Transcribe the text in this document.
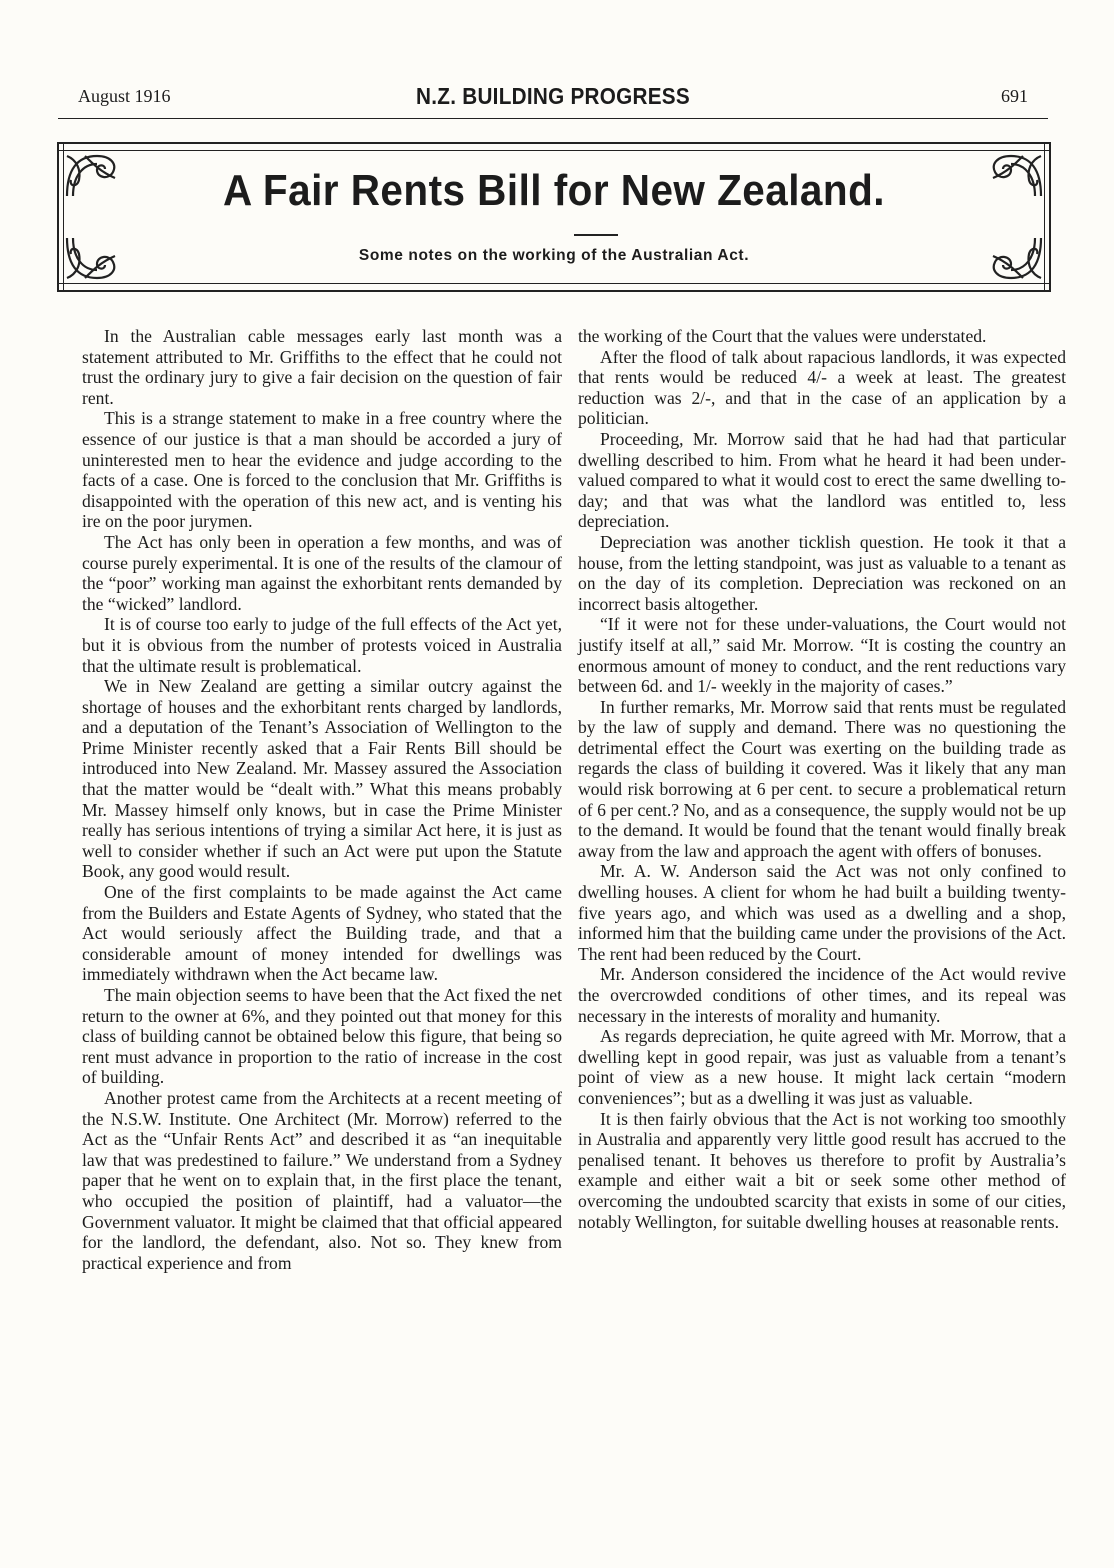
August 1916	N.Z. BUILDING PROGRESS	691
A Fair Rents Bill for New Zealand.
Some notes on the working of the Australian Act.

In the Australian cable messages early last month was a statement attributed to Mr. Griffiths to the effect that he could not trust the ordinary jury to give a fair decision on the question of fair rent.

This is a strange statement to make in a free country where the essence of our justice is that a man should be accorded a jury of uninterested men to hear the evidence and judge according to the facts of a case. One is forced to the conclusion that Mr. Griffiths is disappointed with the operation of this new act, and is venting his ire on the poor jurymen.

The Act has only been in operation a few months, and was of course purely experimental. It is one of the results of the clamour of the “poor” working man against the exhorbitant rents demanded by the “wicked” landlord.

It is of course too early to judge of the full effects of the Act yet, but it is obvious from the number of protests voiced in Australia that the ultimate result is problematical.

We in New Zealand are getting a similar outcry against the shortage of houses and the exhorbitant rents charged by landlords, and a deputation of the Tenant’s Association of Wellington to the Prime Minister recently asked that a Fair Rents Bill should be introduced into New Zealand. Mr. Massey assured the Association that the matter would be “dealt with.” What this means probably Mr. Massey himself only knows, but in case the Prime Minister really has serious intentions of trying a similar Act here, it is just as well to consider whether if such an Act were put upon the Statute Book, any good would result.

One of the first complaints to be made against the Act came from the Builders and Estate Agents of Sydney, who stated that the Act would seriously affect the Building trade, and that a considerable amount of money intended for dwellings was immediately withdrawn when the Act became law.

The main objection seems to have been that the Act fixed the net return to the owner at 6%, and they pointed out that money for this class of building cannot be obtained below this figure, that being so rent must advance in proportion to the ratio of increase in the cost of building.

Another protest came from the Architects at a recent meeting of the N.S.W. Institute. One Architect (Mr. Morrow) referred to the Act as the “Unfair Rents Act” and described it as “an inequitable law that was predestined to failure.” We understand from a Sydney paper that he went on to explain that, in the first place the tenant, who occupied the position of plaintiff, had a valuator—the Government valuator. It might be claimed that that official appeared for the landlord, the defendant, also. Not so. They knew from practical experience and from

the working of the Court that the values were understated.

After the flood of talk about rapacious landlords, it was expected that rents would be reduced 4/- a week at least. The greatest reduction was 2/-, and that in the case of an application by a politician.

Proceeding, Mr. Morrow said that he had had that particular dwelling described to him. From what he heard it had been under-valued compared to what it would cost to erect the same dwelling to-day; and that was what the landlord was entitled to, less depreciation.

Depreciation was another ticklish question. He took it that a house, from the letting standpoint, was just as valuable to a tenant as on the day of its completion. Depreciation was reckoned on an incorrect basis altogether.

“If it were not for these under-valuations, the Court would not justify itself at all,” said Mr. Morrow. “It is costing the country an enormous amount of money to conduct, and the rent reductions vary between 6d. and 1/- weekly in the majority of cases.”

In further remarks, Mr. Morrow said that rents must be regulated by the law of supply and demand. There was no questioning the detrimental effect the Court was exerting on the building trade as regards the class of building it covered. Was it likely that any man would risk borrowing at 6 per cent. to secure a problematical return of 6 per cent.? No, and as a consequence, the supply would not be up to the demand. It would be found that the tenant would finally break away from the law and approach the agent with offers of bonuses.

Mr. A. W. Anderson said the Act was not only confined to dwelling houses. A client for whom he had built a building twenty-five years ago, and which was used as a dwelling and a shop, informed him that the building came under the provisions of the Act. The rent had been reduced by the Court.

Mr. Anderson considered the incidence of the Act would revive the overcrowded conditions of other times, and its repeal was necessary in the interests of morality and humanity.

As regards depreciation, he quite agreed with Mr. Morrow, that a dwelling kept in good repair, was just as valuable from a tenant’s point of view as a new house. It might lack certain “modern conveniences”; but as a dwelling it was just as valuable.

It is then fairly obvious that the Act is not working too smoothly in Australia and apparently very little good result has accrued to the penalised tenant. It behoves us therefore to profit by Australia’s example and either wait a bit or seek some other method of overcoming the undoubted scarcity that exists in some of our cities, notably Wellington, for suitable dwelling houses at reasonable rents.
